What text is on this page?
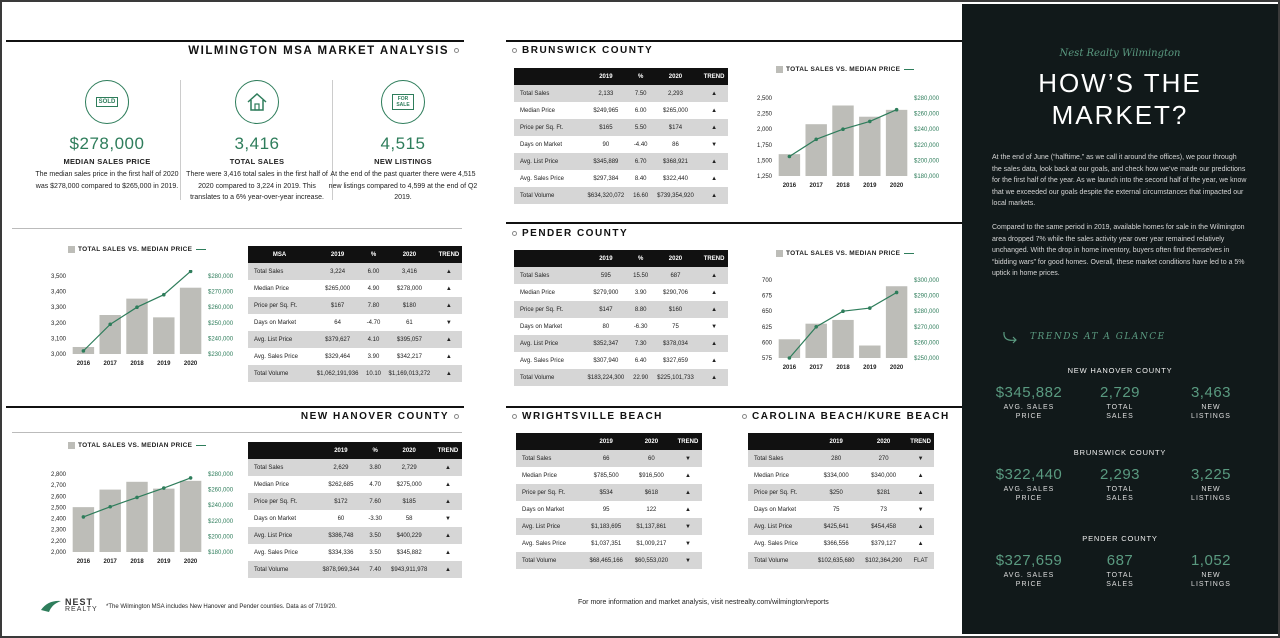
WILMINGTON MSA MARKET ANALYSIS
SOLD
$278,000
MEDIAN SALES PRICE
The median sales price in the first half of 2020 was $278,000 compared to $265,000 in 2019.
3,416
TOTAL SALES
There were 3,416 total sales in the first half of 2020 compared to 3,224 in 2019. This translates to a 6% year-over-year increase.
FOR SALE
4,515
NEW LISTINGS
At the end of the past quarter there were 4,515 new listings compared to 4,599 at the end of Q2 2019.
TOTAL SALES VS. MEDIAN PRICE
3,500
3,400
3,300
3,200
3,100
3,000
$280,000
$270,000
$260,000
$250,000
$240,000
$230,000
2016 2017 2018 2019 2020
MSA	2019	%	2020	TREND
Total Sales	3,224	6.00	3,416	▲
Median Price	$265,000	4.90	$278,000	▲
Price per Sq. Ft.	$167	7.80	$180	▲
Days on Market	64	-4.70	61	▼
Avg. List Price	$379,627	4.10	$395,057	▲
Avg. Sales Price	$329,464	3.90	$342,217	▲
Total Volume	$1,062,191,936	10.10	$1,169,013,272	▲
NEW HANOVER COUNTY
TOTAL SALES VS. MEDIAN PRICE
2,800
2,700
2,600
2,500
2,400
2,300
2,200
2,000
$280,000
$260,000
$240,000
$220,000
$200,000
$180,000
2016 2017 2018 2019 2020
	2019	%	2020	TREND
Total Sales	2,629	3.80	2,729	▲
Median Price	$262,685	4.70	$275,000	▲
Price per Sq. Ft.	$172	7.60	$185	▲
Days on Market	60	-3.30	58	▼
Avg. List Price	$386,748	3.50	$400,229	▲
Avg. Sales Price	$334,336	3.50	$345,882	▲
Total Volume	$878,969,344	7.40	$943,911,978	▲
NEST
REALTY *The Wilmington MSA includes New Hanover and Pender counties. Data as of 7/19/20.
BRUNSWICK COUNTY
	2019	%	2020	TREND
Total Sales	2,133	7.50	2,293	▲
Median Price	$249,965	6.00	$265,000	▲
Price per Sq. Ft.	$165	5.50	$174	▲
Days on Market	90	-4.40	86	▼
Avg. List Price	$345,889	6.70	$368,921	▲
Avg. Sales Price	$297,384	8.40	$322,440	▲
Total Volume	$634,320,072	16.60	$739,354,920	▲
TOTAL SALES VS. MEDIAN PRICE
2,500
2,250
2,000
1,750
1,500
1,250
$280,000
$260,000
$240,000
$220,000
$200,000
$180,000
2016 2017 2018 2019 2020
PENDER COUNTY
	2019	%	2020	TREND
Total Sales	595	15.50	687	▲
Median Price	$279,900	3.90	$290,706	▲
Price per Sq. Ft.	$147	8.80	$160	▲
Days on Market	80	-6.30	75	▼
Avg. List Price	$352,347	7.30	$378,034	▲
Avg. Sales Price	$307,940	6.40	$327,659	▲
Total Volume	$183,224,300	22.90	$225,101,733	▲
TOTAL SALES VS. MEDIAN PRICE
700
675
650
625
600
575
$300,000
$290,000
$280,000
$270,000
$260,000
$250,000
2016 2017 2018 2019 2020
WRIGHTSVILLE BEACH
	2019	2020	TREND
Total Sales	66	60	▼
Median Price	$785,500	$916,500	▲
Price per Sq. Ft.	$534	$618	▲
Days on Market	95	122	▲
Avg. List Price	$1,183,695	$1,137,861	▼
Avg. Sales Price	$1,037,351	$1,009,217	▼
Total Volume	$68,465,166	$60,553,020	▼
CAROLINA BEACH/KURE BEACH
	2019	2020	TREND
Total Sales	280	270	▼
Median Price	$334,000	$340,000	▲
Price per Sq. Ft.	$250	$281	▲
Days on Market	75	73	▼
Avg. List Price	$425,641	$454,458	▲
Avg. Sales Price	$366,556	$379,127	▲
Total Volume	$102,635,680	$102,364,290	FLAT
For more information and market analysis, visit nestrealty.com/wilmington/reports
Nest Realty Wilmington
HOW’S THE
MARKET?
At the end of June (“halftime,” as we call it around the offices), we pour through the sales data, look back at our goals, and check how we’ve made our predictions for the first half of the year. As we launch into the second half of the year, we know that we exceeded our goals despite the external circumstances that impacted our local markets.
Compared to the same period in 2019, available homes for sale in the Wilmington area dropped 7% while the sales activity year over year remained relatively unchanged. With the drop in home inventory, buyers often find themselves in “bidding wars” for good homes. Overall, these market conditions have led to a 5% uptick in home prices.
TRENDS AT A GLANCE
NEW HANOVER COUNTY
$345,882
AVG. SALES
PRICE
2,729
TOTAL
SALES
3,463
NEW
LISTINGS
BRUNSWICK COUNTY
$322,440
AVG. SALES
PRICE
2,293
TOTAL
SALES
3,225
NEW
LISTINGS
PENDER COUNTY
$327,659
AVG. SALES
PRICE
687
TOTAL
SALES
1,052
NEW
LISTINGS
